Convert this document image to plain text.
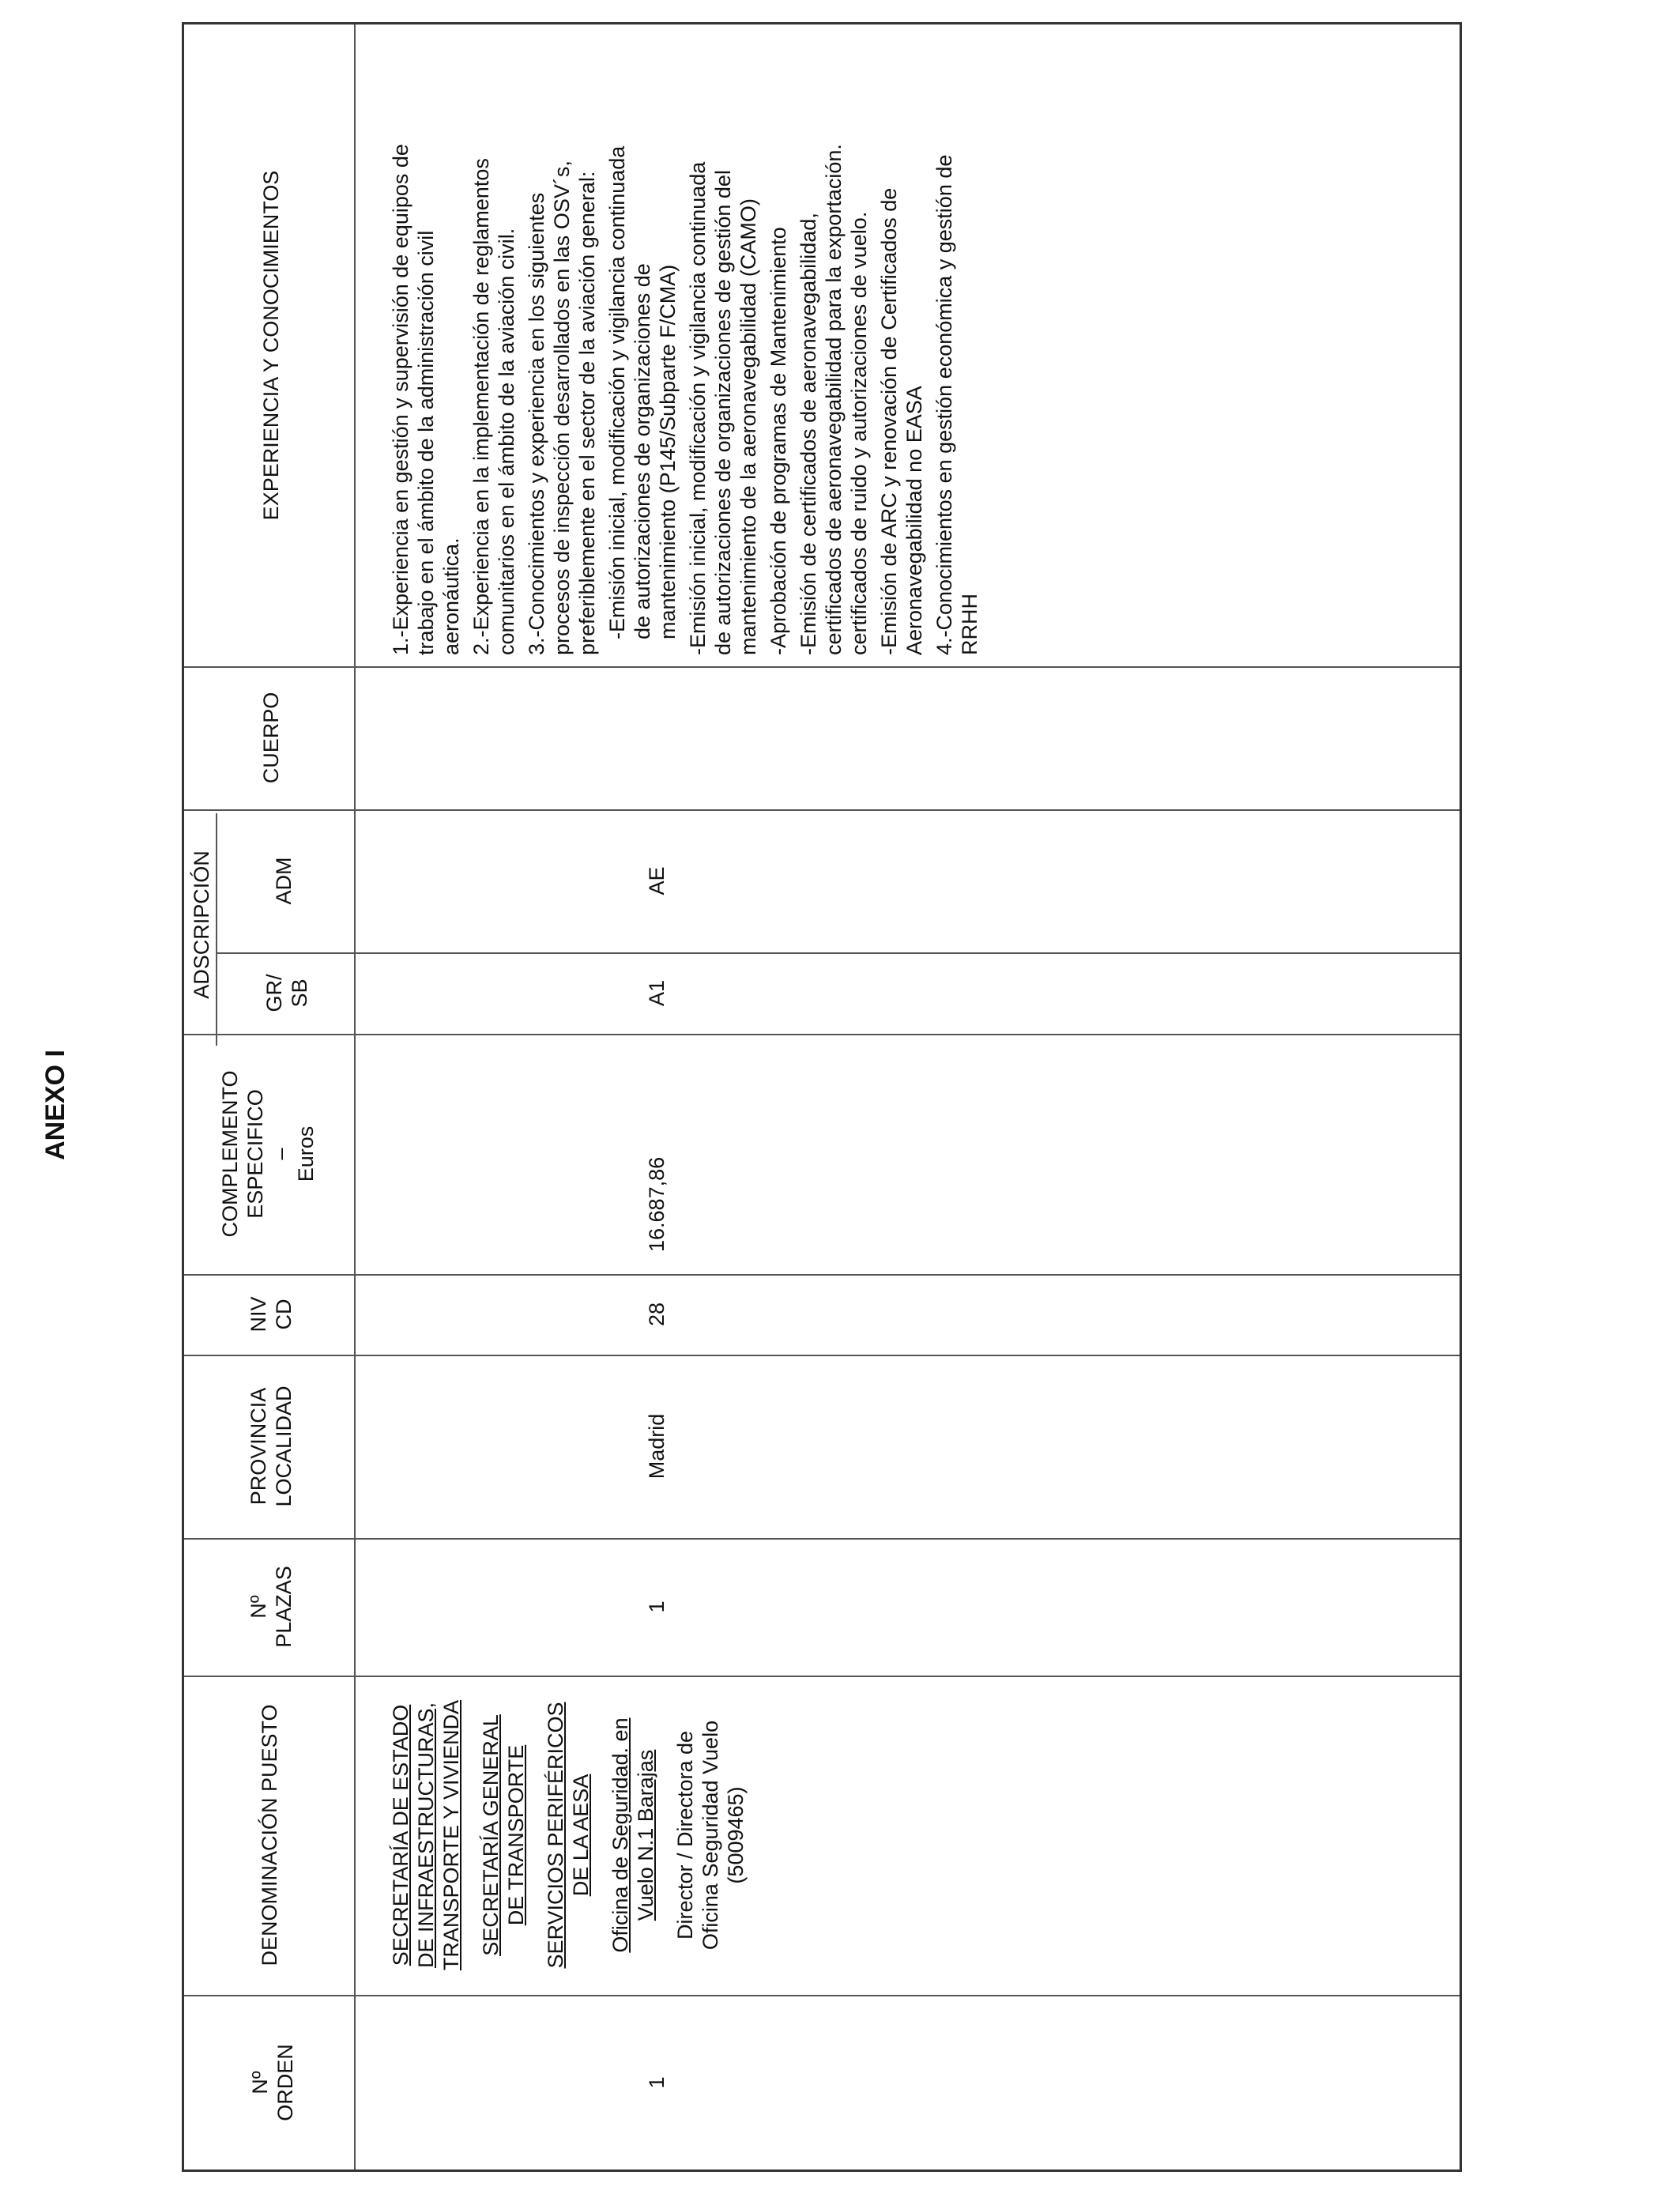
ANEXO I
Nº ORDEN
DENOMINACIÓN PUESTO
Nº PLAZAS
PROVINCIA LOCALIDAD
NIV CD
COMPLEMENTO ESPECIFICO – Euros
ADSCRIPCIÓN GR/ SB
ADM
CUERPO
EXPERIENCIA Y CONOCIMIENTOS
1
SECRETARÍA DE ESTADO DE INFRAESTRUCTURAS, TRANSPORTE Y VIVIENDA SECRETARÍA GENERAL DE TRANSPORTE SERVICIOS PERIFÉRICOS DE LA AESA Oficina de Seguridad. en Vuelo N.1 Barajas Director / Directora de Oficina Seguridad Vuelo (5009465)
1
Madrid
28
16.687,86
A1
AE
1.-Experiencia en gestión y supervisión de equipos de trabajo en el ámbito de la administración civil aeronáutica. 2.-Experiencia en la implementación de reglamentos comunitarios en el ámbito de la aviación civil. 3.-Conocimientos y experiencia en los siguientes procesos de inspección desarrollados en las OSV´s, preferiblemente en el sector de la aviación general: -Emisión inicial, modificación y vigilancia continuada de autorizaciones de organizaciones de mantenimiento (P145/Subparte F/CMA) -Emisión inicial, modificación y vigilancia continuada de autorizaciones de organizaciones de gestión del mantenimiento de la aeronavegabilidad (CAMO) -Aprobación de programas de Mantenimiento -Emisión de certificados de aeronavegabilidad, certificados de aeronavegabilidad para la exportación. certificados de ruido y autorizaciones de vuelo. -Emisión de ARC y renovación de Certificados de Aeronavegabilidad no EASA 4.-Conocimientos en gestión económica y gestión de RRHH
